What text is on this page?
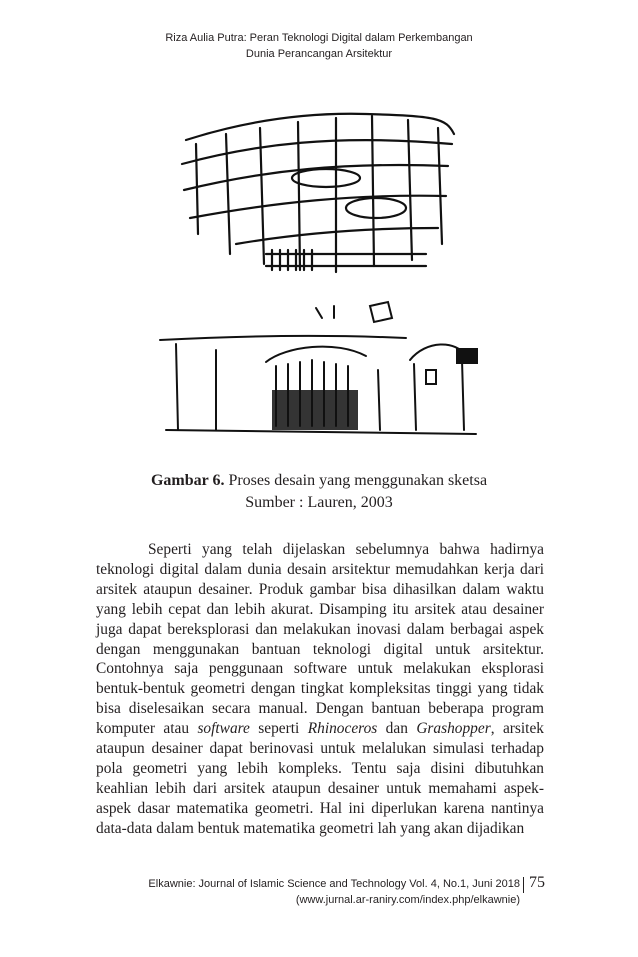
Riza Aulia Putra: Peran Teknologi Digital dalam Perkembangan
Dunia Perancangan Arsitektur
Gambar 6. Proses desain yang menggunakan sketsa
Sumber : Lauren, 2003

Seperti yang telah dijelaskan sebelumnya bahwa hadirnya teknologi digital dalam dunia desain arsitektur memudahkan kerja dari arsitek ataupun desainer. Produk gambar bisa dihasilkan dalam waktu yang lebih cepat dan lebih akurat. Disamping itu arsitek atau desainer juga dapat bereksplorasi dan melakukan inovasi dalam berbagai aspek dengan menggunakan bantuan teknologi digital untuk arsitektur. Contohnya saja penggunaan software untuk melakukan eksplorasi bentuk-bentuk geometri dengan tingkat kompleksitas tinggi yang tidak bisa diselesaikan secara manual. Dengan bantuan beberapa program komputer atau software seperti Rhinoceros dan Grashopper, arsitek ataupun desainer dapat berinovasi untuk melalukan simulasi terhadap pola geometri yang lebih kompleks. Tentu saja disini dibutuhkan keahlian lebih dari arsitek ataupun desainer untuk memahami aspek-aspek dasar matematika geometri. Hal ini diperlukan karena nantinya data-data dalam bentuk matematika geometri lah yang akan dijadikan

Elkawnie: Journal of Islamic Science and Technology Vol. 4, No.1, Juni 2018
(www.jurnal.ar-raniry.com/index.php/elkawnie)
75
